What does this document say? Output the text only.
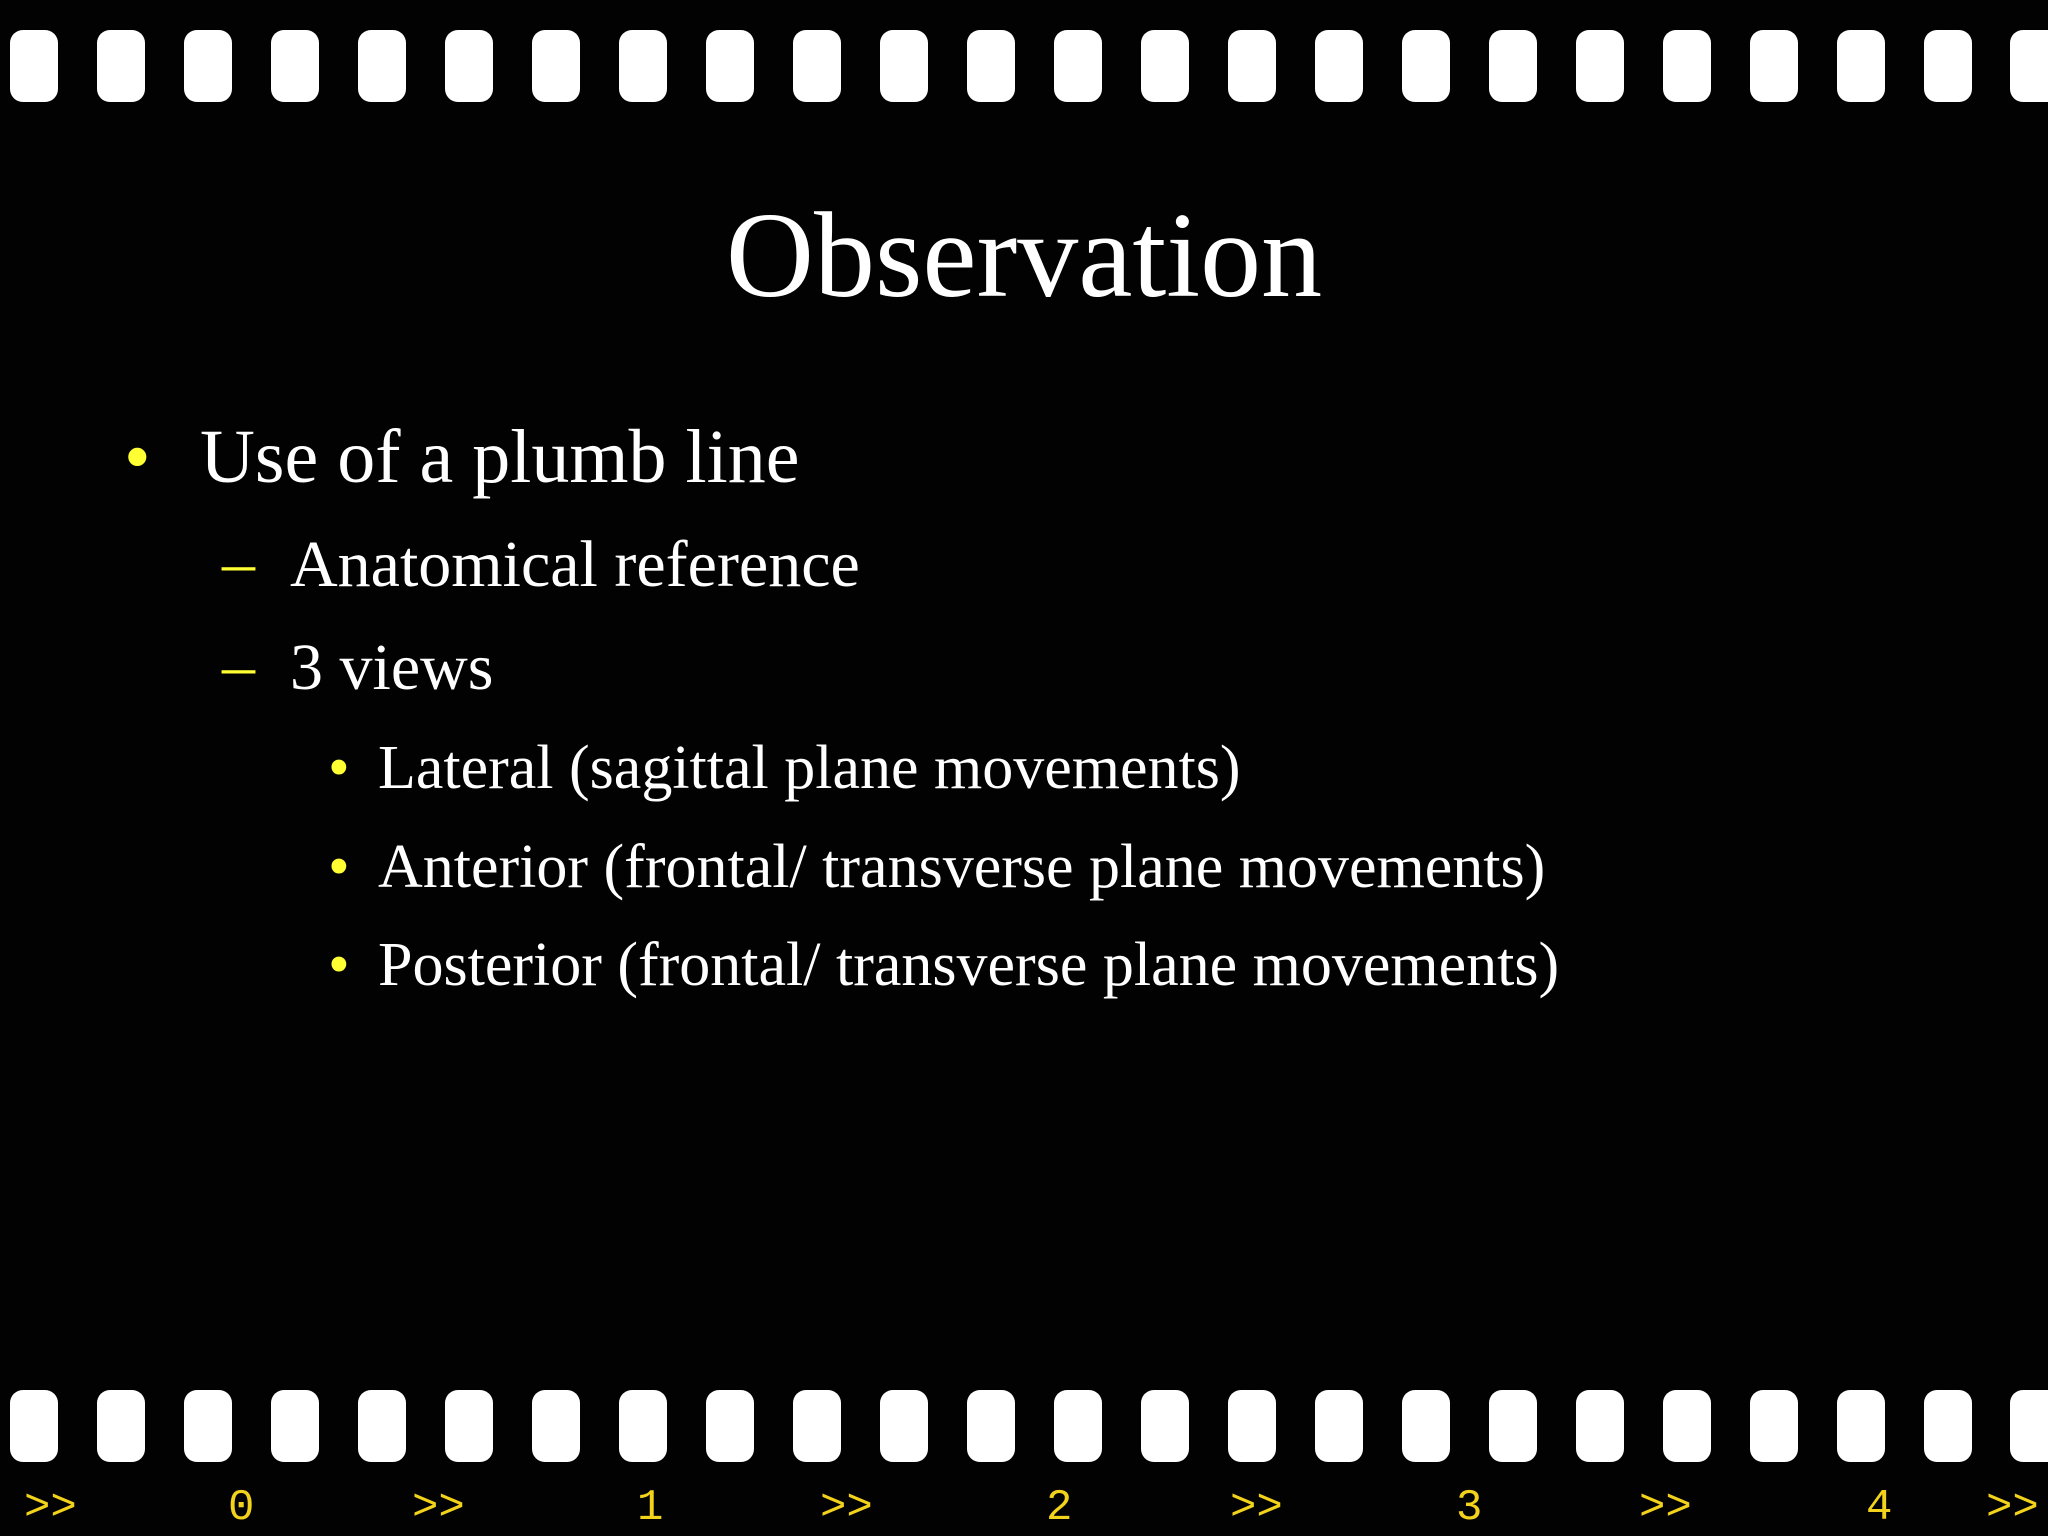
Observation
• Use of a plumb line
– Anatomical reference
– 3 views
• Lateral (sagittal plane movements)
• Anterior (frontal/ transverse plane movements)
• Posterior (frontal/ transverse plane movements)
>>	0	>>	1	>>	2	>>	3	>>	4 >>
